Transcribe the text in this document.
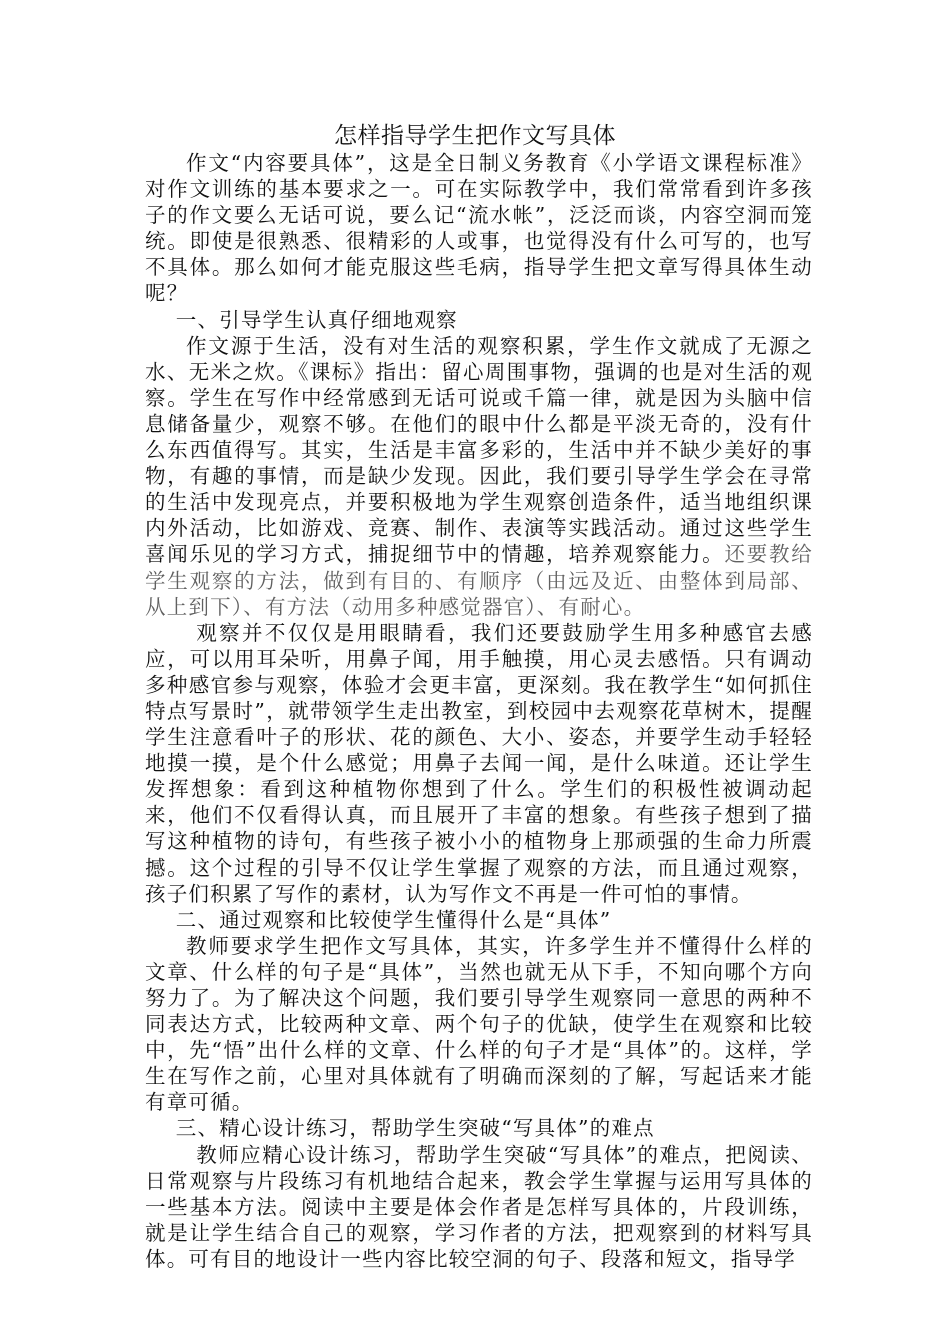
怎样指导学生把作文写具体

作文“内容要具体”，这是全日制义务教育《小学语文课程标准》对作文训练的基本要求之一。可在实际教学中，我们常常看到许多孩子的作文要么无话可说，要么记“流水帐”，泛泛而谈，内容空洞而笼统。即使是很熟悉、很精彩的人或事，也觉得没有什么可写的，也写不具体。那么如何才能克服这些毛病，指导学生把文章写得具体生动呢？

一、引导学生认真仔细地观察

作文源于生活，没有对生活的观察积累，学生作文就成了无源之水、无米之炊。《课标》指出：留心周围事物，强调的也是对生活的观察。学生在写作中经常感到无话可说或千篇一律，就是因为头脑中信息储备量少，观察不够。在他们的眼中什么都是平淡无奇的，没有什么东西值得写。其实，生活是丰富多彩的，生活中并不缺少美好的事物，有趣的事情，而是缺少发现。因此，我们要引导学生学会在寻常的生活中发现亮点，并要积极地为学生观察创造条件，适当地组织课内外活动，比如游戏、竞赛、制作、表演等实践活动。通过这些学生喜闻乐见的学习方式，捕捉细节中的情趣，培养观察能力。还要教给学生观察的方法，做到有目的、有顺序（由远及近、由整体到局部、从上到下）、有方法（动用多种感觉器官）、有耐心。

观察并不仅仅是用眼睛看，我们还要鼓励学生用多种感官去感应，可以用耳朵听，用鼻子闻，用手触摸，用心灵去感悟。只有调动多种感官参与观察，体验才会更丰富，更深刻。我在教学生“如何抓住特点写景时”，就带领学生走出教室，到校园中去观察花草树木，提醒学生注意看叶子的形状、花的颜色、大小、姿态，并要学生动手轻轻地摸一摸，是个什么感觉；用鼻子去闻一闻，是什么味道。还让学生发挥想象：看到这种植物你想到了什么。学生们的积极性被调动起来，他们不仅看得认真，而且展开了丰富的想象。有些孩子想到了描写这种植物的诗句，有些孩子被小小的植物身上那顽强的生命力所震撼。这个过程的引导不仅让学生掌握了观察的方法，而且通过观察，孩子们积累了写作的素材，认为写作文不再是一件可怕的事情。

二、通过观察和比较使学生懂得什么是“具体”

教师要求学生把作文写具体，其实，许多学生并不懂得什么样的文章、什么样的句子是“具体”，当然也就无从下手，不知向哪个方向努力了。为了解决这个问题，我们要引导学生观察同一意思的两种不同表达方式，比较两种文章、两个句子的优缺，使学生在观察和比较中，先“悟”出什么样的文章、什么样的句子才是“具体”的。这样，学生在写作之前，心里对具体就有了明确而深刻的了解，写起话来才能有章可循。

三、精心设计练习，帮助学生突破“写具体”的难点

教师应精心设计练习，帮助学生突破“写具体”的难点，把阅读、日常观察与片段练习有机地结合起来，教会学生掌握与运用写具体的一些基本方法。阅读中主要是体会作者是怎样写具体的，片段训练，就是让学生结合自己的观察，学习作者的方法，把观察到的材料写具体。可有目的地设计一些内容比较空洞的句子、段落和短文，指导学
